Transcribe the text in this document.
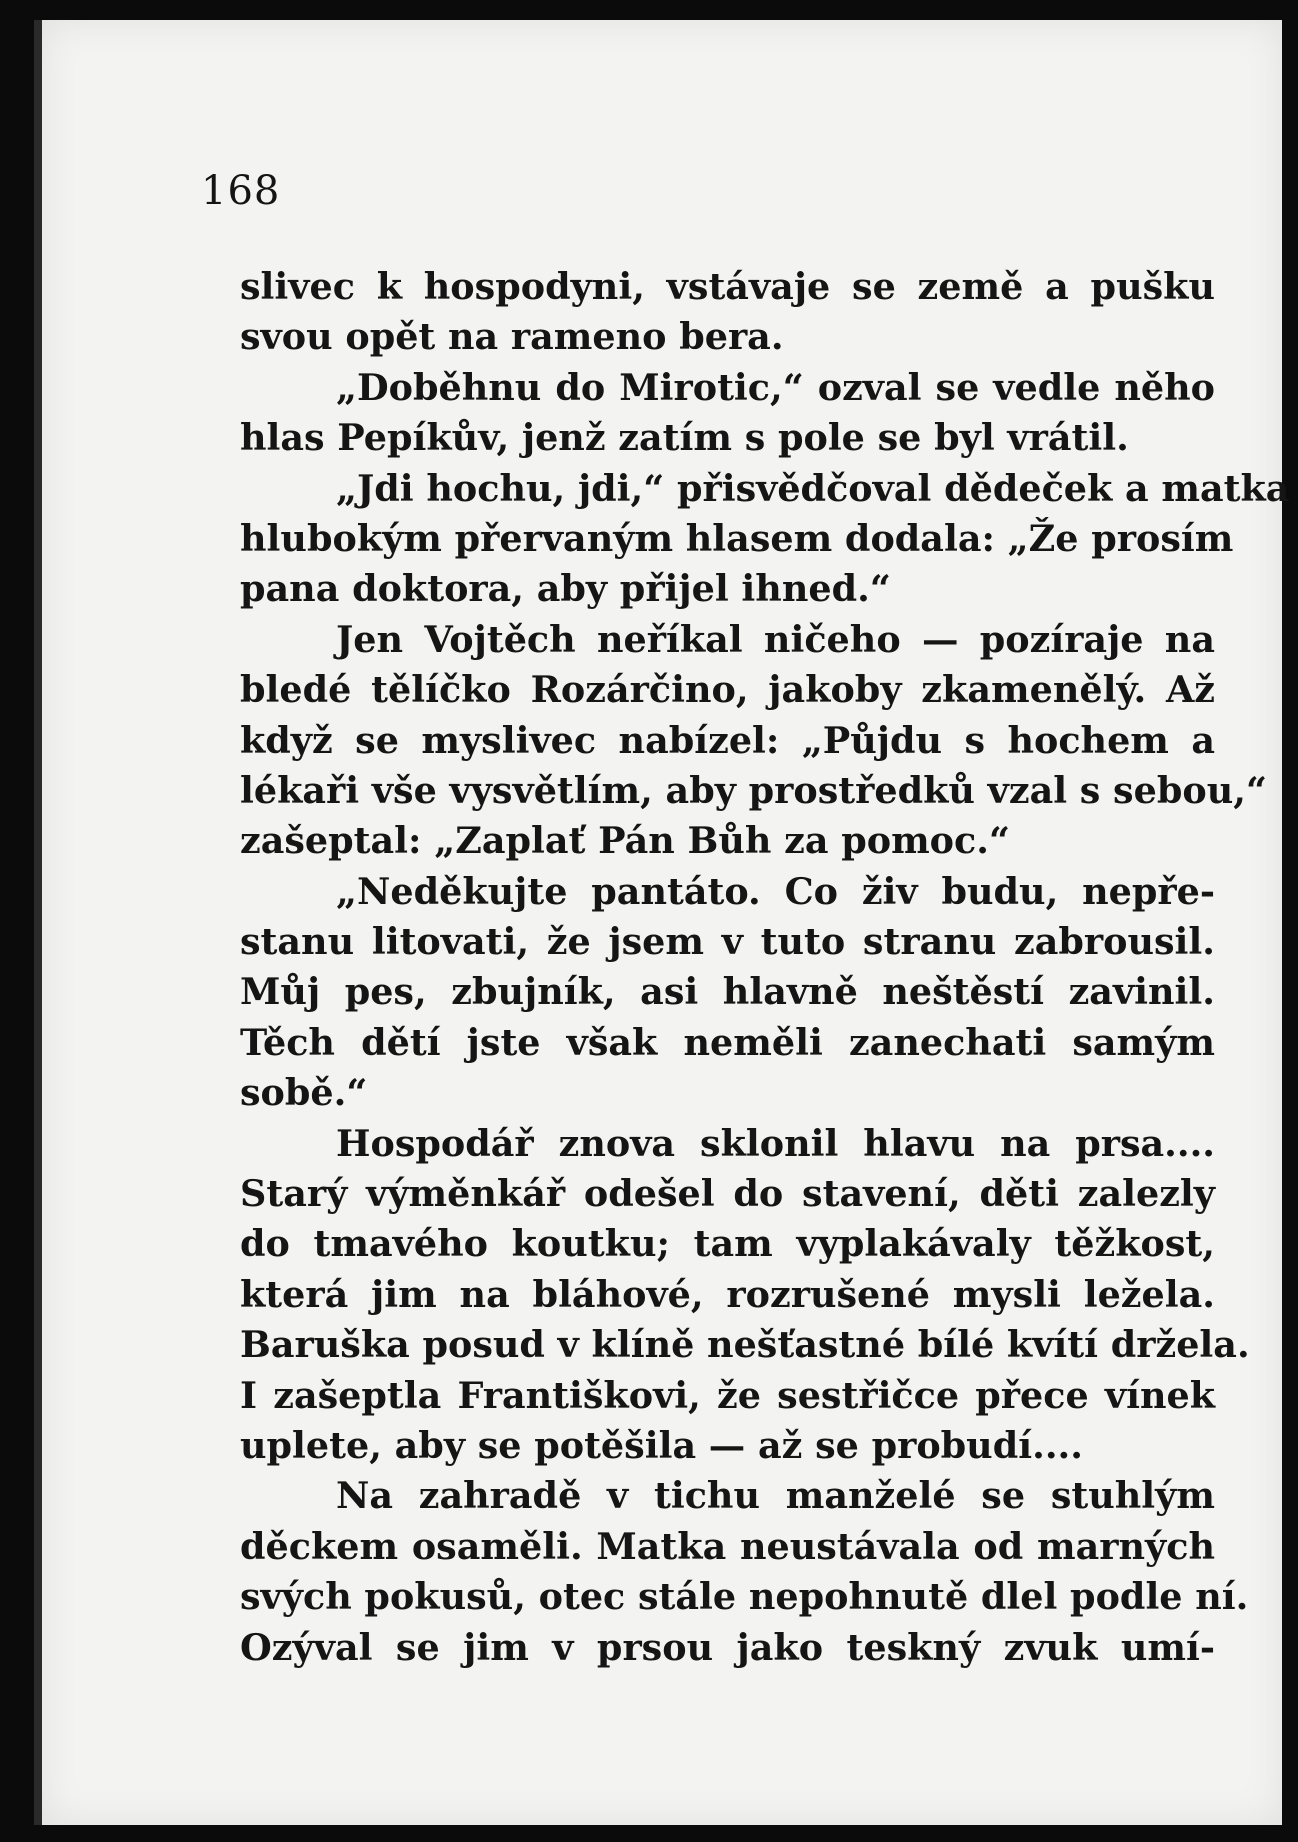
168
slivec k hospodyni, vstávaje se země a pušku
svou opět na rameno bera.
„Doběhnu do Mirotic,“ ozval se vedle něho
hlas Pepíkův, jenž zatím s pole se byl vrátil.
„Jdi hochu, jdi,“ přisvědčoval dědeček a matka
hlubokým přervaným hlasem dodala: „Že prosím
pana doktora, aby přijel ihned.“
Jen Vojtěch neříkal ničeho — pozíraje na
bledé tělíčko Rozárčino, jakoby zkamenělý. Až
když se myslivec nabízel: „Půjdu s hochem a
lékaři vše vysvětlím, aby prostředků vzal s sebou,“
zašeptal: „Zaplať Pán Bůh za pomoc.“
„Neděkujte pantáto. Co živ budu, nepře-
stanu litovati, že jsem v tuto stranu zabrousil.
Můj pes, zbujník, asi hlavně neštěstí zavinil.
Těch dětí jste však neměli zanechati samým
sobě.“
Hospodář znova sklonil hlavu na prsa....
Starý výměnkář odešel do stavení, děti zalezly
do tmavého koutku; tam vyplakávaly těžkost,
která jim na bláhové, rozrušené mysli ležela.
Baruška posud v klíně nešťastné bílé kvítí držela.
I zašeptla Františkovi, že sestřičce přece vínek
uplete, aby se potěšila — až se probudí....
Na zahradě v tichu manželé se stuhlým
děckem osaměli. Matka neustávala od marných
svých pokusů, otec stále nepohnutě dlel podle ní.
Ozýval se jim v prsou jako teskný zvuk umí-
